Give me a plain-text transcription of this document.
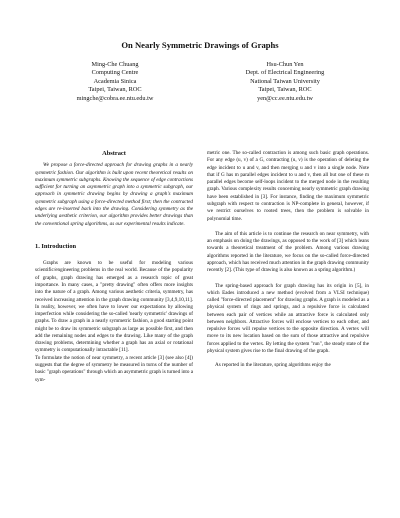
On Nearly Symmetric Drawings of Graphs
Ming-Che Chuang
Computing Centre
Academia Sinica
Taipei, Taiwan, ROC
mingche@cobra.ee.ntu.edu.tw
Hsu-Chun Yen
Dept. of Electrical Engineering
National Taiwan University
Taipei, Taiwan, ROC
yen@cc.ee.ntu.edu.tw

Abstract

We propose a force-directed approach for drawing graphs in a nearly symmetric fashion. Our algorithm is built upon recent theoretical results on maximum symmetric subgraphs. Knowing the sequence of edge contractions sufficient for turning an asymmetric graph into a symmetric subgraph, our approach in symmetric drawing begins by drawing a graph's maximum symmetric subgraph using a force-directed method first; then the contracted edges are re-inserted back into the drawing. Considering symmetry as the underlying aesthetic criterion, our algorithm provides better drawings than the conventional spring algorithms, as our experimental results indicate.

1. Introduction

Graphs are known to be useful for modeling various scientific/engineering problems in the real world. Because of the popularity of graphs, graph drawing has emerged as a research topic of great importance. In many cases, a "pretty drawing" often offers more insights into the nature of a graph. Among various aesthetic criteria, symmetry, has received increasing attention in the graph drawing community [3,4,9,10,11]. In reality, however, we often have to lower our expectations by allowing imperfection while considering the so-called 'nearly symmetric' drawings of graphs. To draw a graph in a nearly symmetric fashion, a good starting point might be to draw its symmetric subgraph as large as possible first, and then add the remaining nodes and edges to the drawing. Like many of the graph drawing problems, determining whether a graph has an axial or rotational symmetry is computationally intractable [11].

To formulate the notion of near symmetry, a recent article [3] (see also [4]) suggests that the degree of symmetry be measured in turns of the number of basic "graph operations" through which an asymmetric graph is turned into a sym-

metric one. The so-called contraction is among such basic graph operations. For any edge (u, v) of a G, contracting (u, v) is the operation of deleting the edge incident to u and v, and then merging u and v into a single node. Note that if G has m parallel edges incident to u and v, then all but one of these m parallel edges become self-loops incident to the merged node in the resulting graph. Various complexity results concerning nearly symmetric graph drawing have been established in [3]. For instance, finding the maximum symmetric subgraph with respect to contraction is NP-complete in general, however, if we restrict ourselves to rooted trees, then the problem is solvable in polynomial time.

The aim of this article is to continue the research on near symmetry, with an emphasis on doing the drawings, as opposed to the work of [3] which leans towards a theoretical treatment of the problem. Among various drawing algorithms reported in the literature, we focus on the so-called force-directed approach, which has received much attention in the graph drawing community recently [2]. (This type of drawing is also known as a spring algorithm.)

The spring-based approach for graph drawing has its origin in [5], in which Eades introduced a new method (evolved from a VLSI technique) called "force-directed placement" for drawing graphs. A graph is modeled as a physical system of rings and springs, and a repulsive force is calculated between each pair of vertices while an attractive force is calculated only between neighbors. Attractive forces will enclose vertices to each other, and repulsive forces will repulse vertices to the opposite direction. A vertex will move to its new location based on the sum of those attractive and repulsive forces applied to the vertex. By letting the system "run", the steady state of the physical system gives rise to the final drawing of the graph.

As reported in the literature, spring algorithms enjoy the
